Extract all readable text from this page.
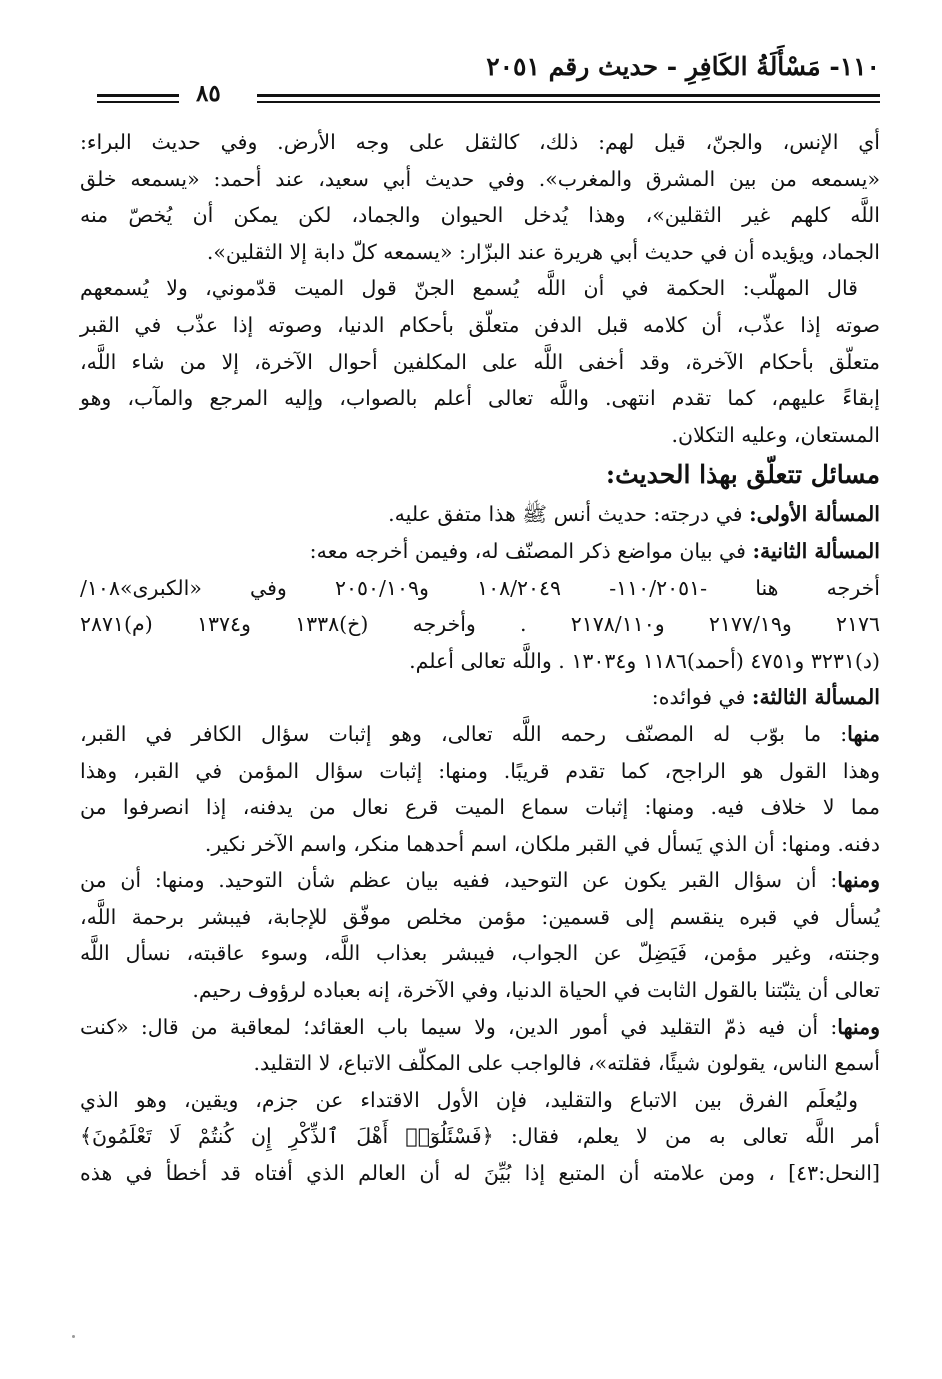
١١٠- مَسْأَلَةُ الكَافِرِ - حديث رقم ٢٠٥١
٨٥
أي الإنس، والجنّ، قيل لهم: ذلك، كالثقل على وجه الأرض. وفي حديث البراء:
«يسمعه من بين المشرق والمغرب». وفي حديث أبي سعيد، عند أحمد: «يسمعه خلق
اللَّه كلهم غير الثقلين»، وهذا يُدخل الحيوان والجماد، لكن يمكن أن يُخصّ منه
الجماد، ويؤيده أن في حديث أبي هريرة عند البزّار: «يسمعه كلّ دابة إلا الثقلين».
قال المهلّب: الحكمة في أن اللَّه يُسمع الجنّ قول الميت قدّموني، ولا يُسمعهم
صوته إذا عذّب، أن كلامه قبل الدفن متعلّق بأحكام الدنيا، وصوته إذا عذّب في القبر
متعلّق بأحكام الآخرة، وقد أخفى اللَّه على المكلفين أحوال الآخرة، إلا من شاء اللَّه،
إبقاءً عليهم، كما تقدم انتهى. واللَّه تعالى أعلم بالصواب، وإليه المرجع والمآب، وهو
المستعان، وعليه التكلان.
مسائل تتعلّق بهذا الحديث:
المسألة الأولى: في درجته: حديث أنس ﷺ هذا متفق عليه.
المسألة الثانية: في بيان مواضع ذكر المصنّف له، وفيمن أخرجه معه:
أخرجه هنا -١١٠/٢٠٥١- ١٠٨/٢٠٤٩ و٢٠٥٠/١٠٩ وفي «الكبرى»١٠٨/
٢١٧٦ و٢١٧٧/١٩ و٢١٧٨/١١٠ . وأخرجه (خ)١٣٣٨ و١٣٧٤ (م)٢٨٧١
(د)٣٢٣١ و٤٧٥١ (أحمد)١١٨٦ و١٣٠٣٤ . واللَّه تعالى أعلم.
المسألة الثالثة: في فوائده:
منها: ما بوّب له المصنّف رحمه اللَّه تعالى، وهو إثبات سؤال الكافر في القبر،
وهذا القول هو الراجح، كما تقدم قريبًا. ومنها: إثبات سؤال المؤمن في القبر، وهذا
مما لا خلاف فيه. ومنها: إثبات سماع الميت قرع نعال من يدفنه، إذا انصرفوا من
دفنه. ومنها: أن الذي يَسأل في القبر ملكان، اسم أحدهما منكر، واسم الآخر نكير.
ومنها: أن سؤال القبر يكون عن التوحيد، ففيه بيان عظم شأن التوحيد. ومنها: أن من
يُسأل في قبره ينقسم إلى قسمين: مؤمن مخلص موفّق للإجابة، فيبشر برحمة اللَّه،
وجنته، وغير مؤمن، فَيَضِلّ عن الجواب، فيبشر بعذاب اللَّه، وسوء عاقبته، نسأل اللَّه
تعالى أن يثبّتنا بالقول الثابت في الحياة الدنيا، وفي الآخرة، إنه بعباده لرؤوف رحيم.
ومنها: أن فيه ذمّ التقليد في أمور الدين، ولا سيما باب العقائد؛ لمعاقبة من قال: «كنت
أسمع الناس، يقولون شيئًا، فقلته»، فالواجب على المكلّف الاتباع، لا التقليد.
وليُعلَم الفرق بين الاتباع والتقليد، فإن الأول الاقتداء عن جزم، ويقين، وهو الذي
أمر اللَّه تعالى به من لا يعلم، فقال: ﴿فَسْئَلُوٓا۟ أَهْلَ ٱلذِّكْرِ إِن كُنتُمْ لَا تَعْلَمُونَ﴾
[النحل:٤٣] ، ومن علامته أن المتبع إذا بُيِّنَ له أن العالم الذي أفتاه قد أخطأ في هذه
